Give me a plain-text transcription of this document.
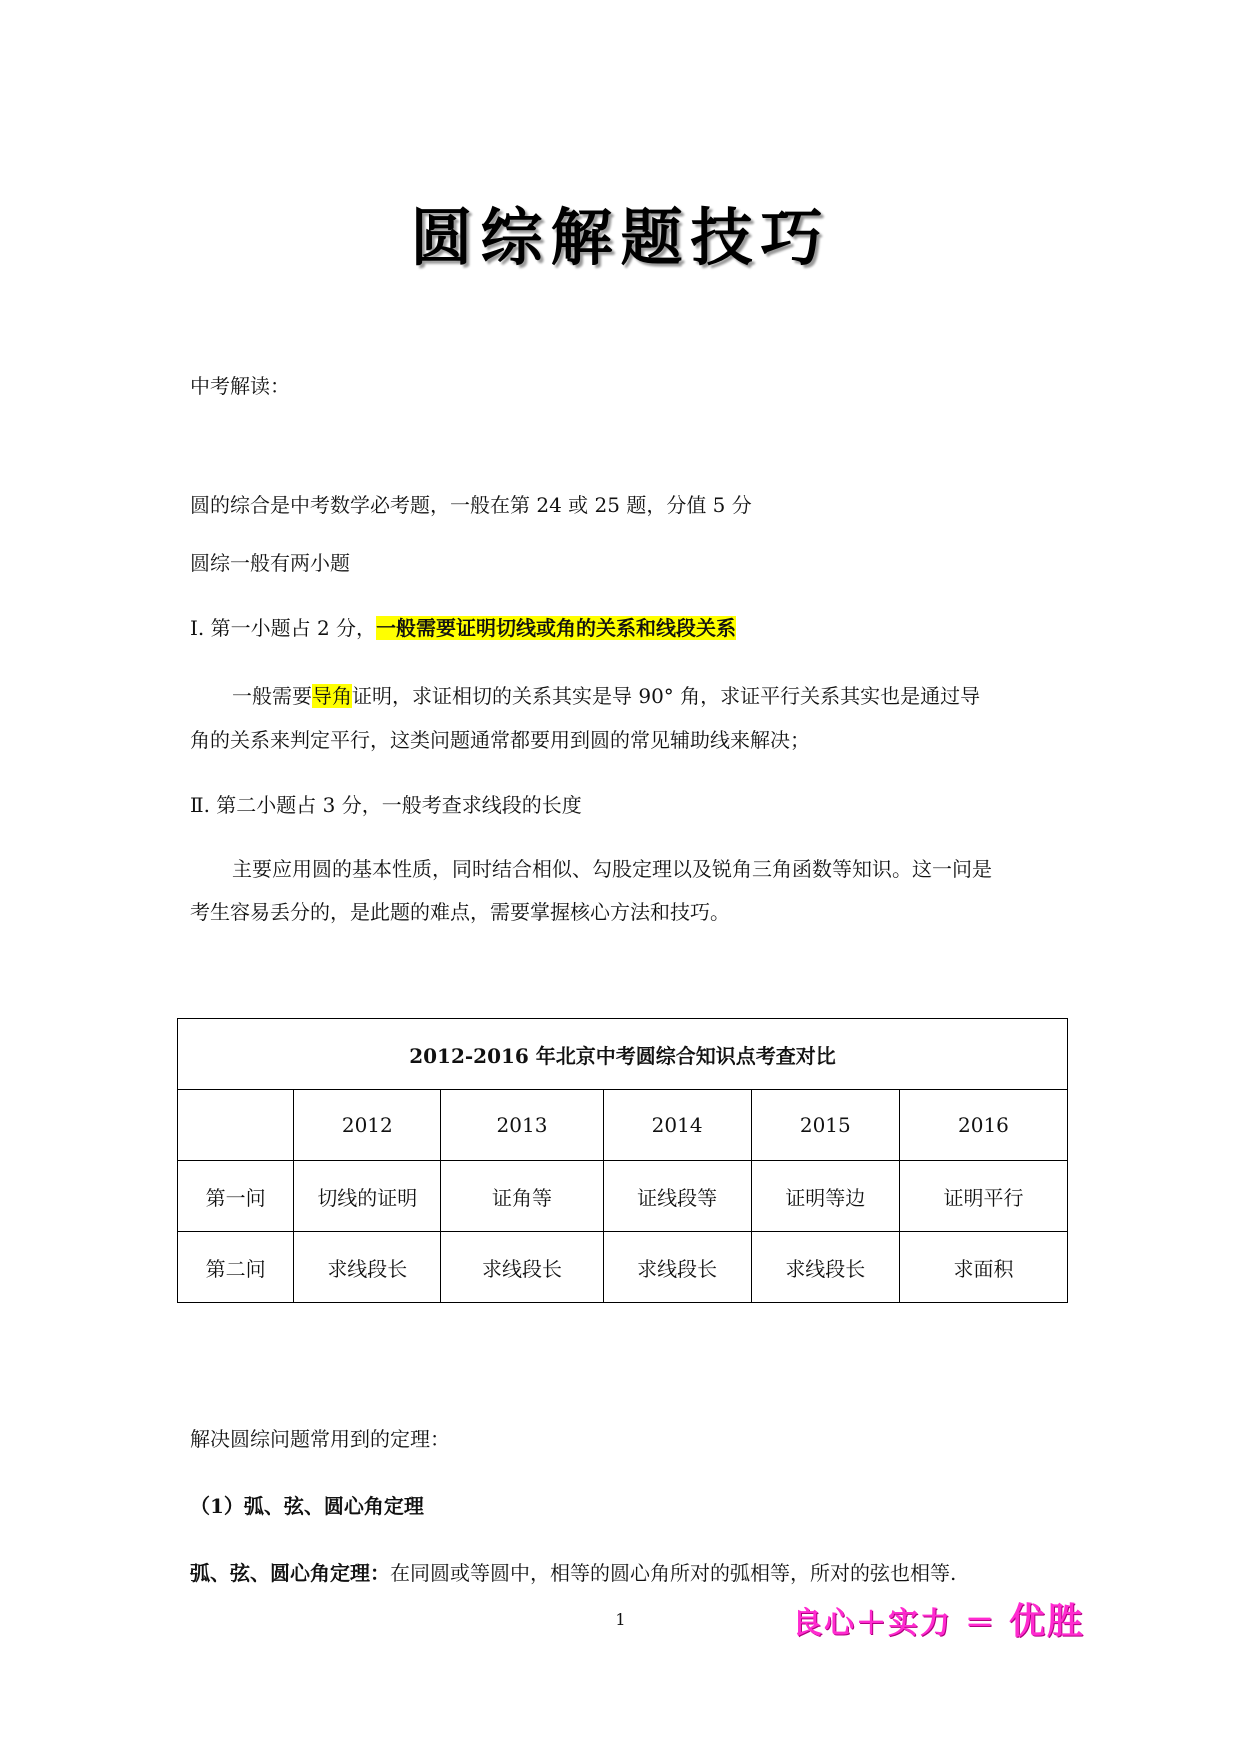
圆综解题技巧
中考解读：
圆的综合是中考数学必考题，一般在第 24 或 25 题，分值 5 分
圆综一般有两小题
Ⅰ. 第一小题占 2 分，一般需要证明切线或角的关系和线段关系

一般需要导角证明，求证相切的关系其实是导 90° 角，求证平行关系其实也是通过导

角的关系来判定平行，这类问题通常都要用到圆的常见辅助线来解决；
Ⅱ. 第二小题占 3 分，一般考查求线段的长度
主要应用圆的基本性质，同时结合相似、勾股定理以及锐角三角函数等知识。这一问是
考生容易丢分的，是此题的难点，需要掌握核心方法和技巧。
2012-2016 年北京中考圆综合知识点考查对比					
	2012	2013	2014	2015	2016
第一问	切线的证明	证角等	证线段等	证明等边	证明平行
第二问	求线段长	求线段长	求线段长	求线段长	求面积
解决圆综问题常用到的定理：
（1）弧、弦、圆心角定理
弧、弦、圆心角定理：在同圆或等圆中，相等的圆心角所对的弧相等，所对的弦也相等.
1	良心＋实力 ＝ 优胜
